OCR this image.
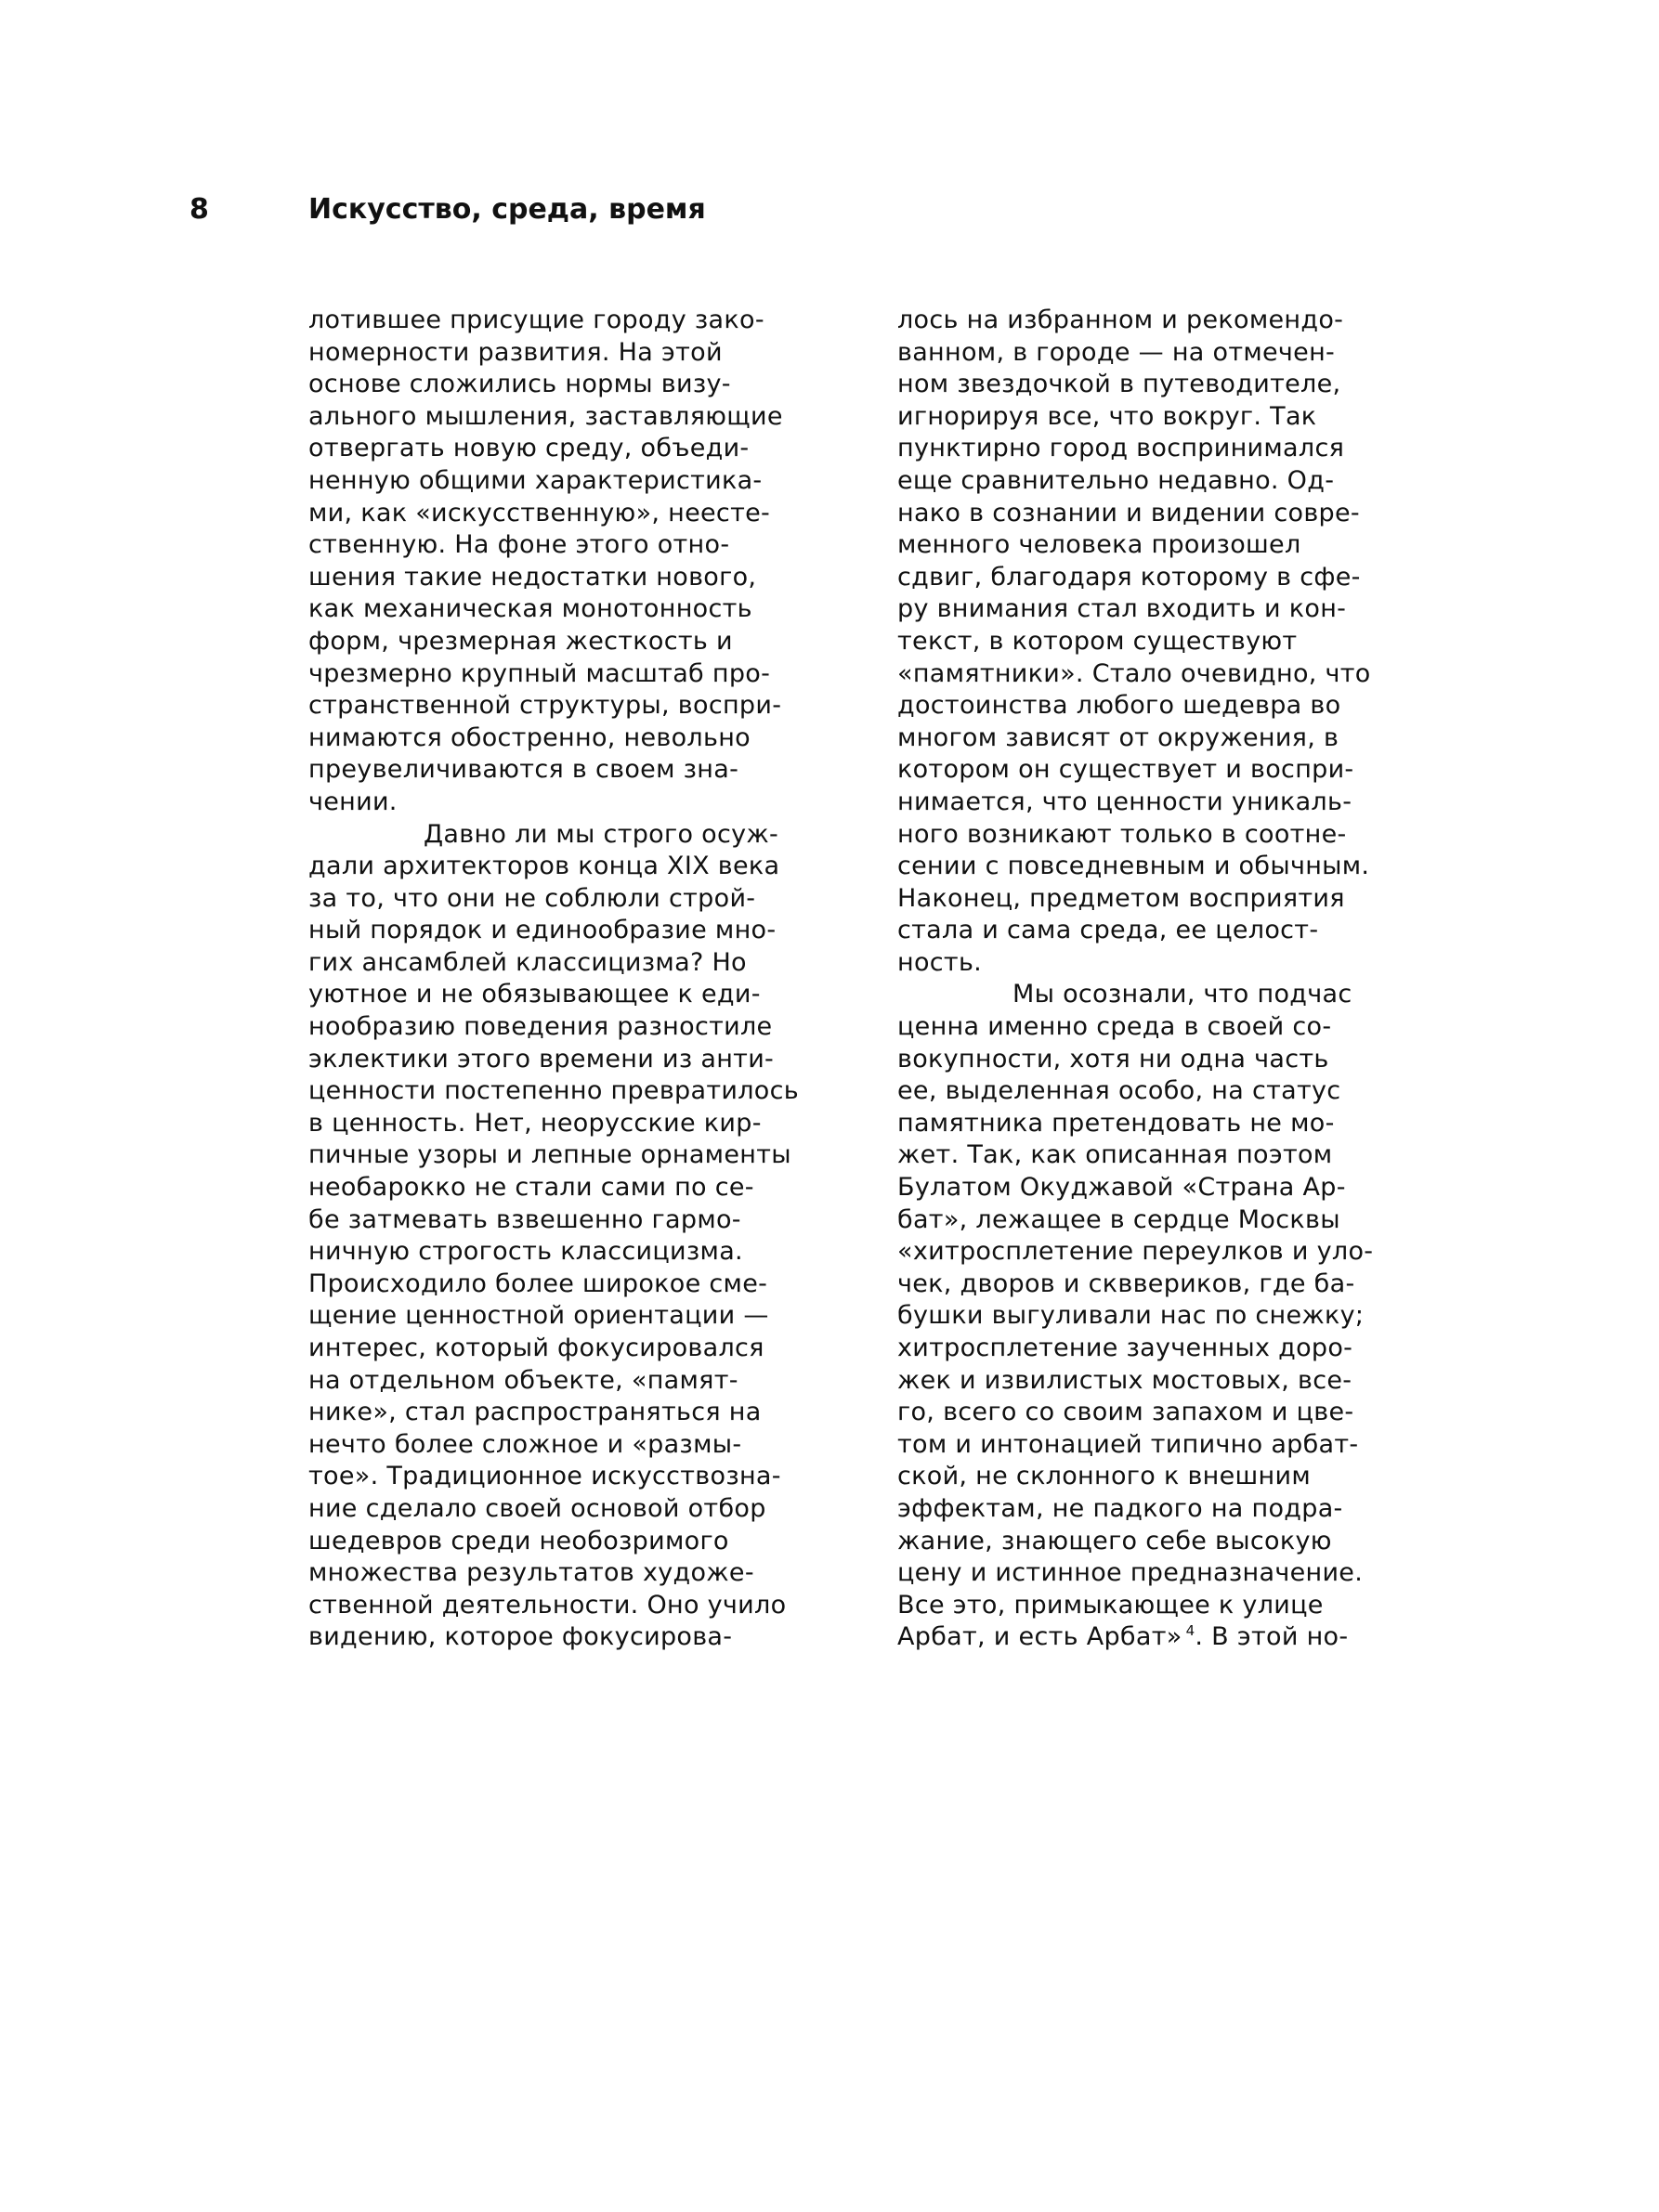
8	Искусство, среда, время
лотившее присущие городу зако-
номерности развития. На этой
основе сложились нормы визу-
ального мышления, заставляющие
отвергать новую среду, объеди-
ненную общими характеристика-
ми, как «искусственную», неесте-
ственную. На фоне этого отно-
шения такие недостатки нового,
как механическая монотонность
форм, чрезмерная жесткость и
чрезмерно крупный масштаб про-
странственной структуры, воспри-
нимаются обостренно, невольно
преувеличиваются в своем зна-
чении.
Давно ли мы строго осуж-
дали архитекторов конца XIX века
за то, что они не соблюли строй-
ный порядок и единообразие мно-
гих ансамблей классицизма? Но
уютное и не обязывающее к еди-
нообразию поведения разностиле
эклектики этого времени из анти-
ценности постепенно превратилось
в ценность. Нет, неорусские кир-
пичные узоры и лепные орнаменты
необарокко не стали сами по се-
бе затмевать взвешенно гармо-
ничную строгость классицизма.
Происходило более широкое сме-
щение ценностной ориентации —
интерес, который фокусировался
на отдельном объекте, «памят-
нике», стал распространяться на
нечто более сложное и «размы-
тое». Традиционное искусствозна-
ние сделало своей основой отбор
шедевров среди необозримого
множества результатов художе-
ственной деятельности. Оно учило
видению, которое фокусирова-
лось на избранном и рекомендо-
ванном, в городе — на отмечен-
ном звездочкой в путеводителе,
игнорируя все, что вокруг. Так
пунктирно город воспринимался
еще сравнительно недавно. Од-
нако в сознании и видении совре-
менного человека произошел
сдвиг, благодаря которому в сфе-
ру внимания стал входить и кон-
текст, в котором существуют
«памятники». Стало очевидно, что
достоинства любого шедевра во
многом зависят от окружения, в
котором он существует и воспри-
нимается, что ценности уникаль-
ного возникают только в соотне-
сении с повседневным и обычным.
Наконец, предметом восприятия
стала и сама среда, ее целост-
ность.
Мы осознали, что подчас
ценна именно среда в своей со-
вокупности, хотя ни одна часть
ее, выделенная особо, на статус
памятника претендовать не мо-
жет. Так, как описанная поэтом
Булатом Окуджавой «Страна Ар-
бат», лежащее в сердце Москвы
«хитросплетение переулков и уло-
чек, дворов и скввериков, где ба-
бушки выгуливали нас по снежку;
хитросплетение заученных доро-
жек и извилистых мостовых, все-
го, всего со своим запахом и цве-
том и интонацией типично арбат-
ской, не склонного к внешним
эффектам, не падкого на подра-
жание, знающего себе высокую
цену и истинное предназначение.
Все это, примыкающее к улице
Арбат, и есть Арбат» $^4$. В этой но-
